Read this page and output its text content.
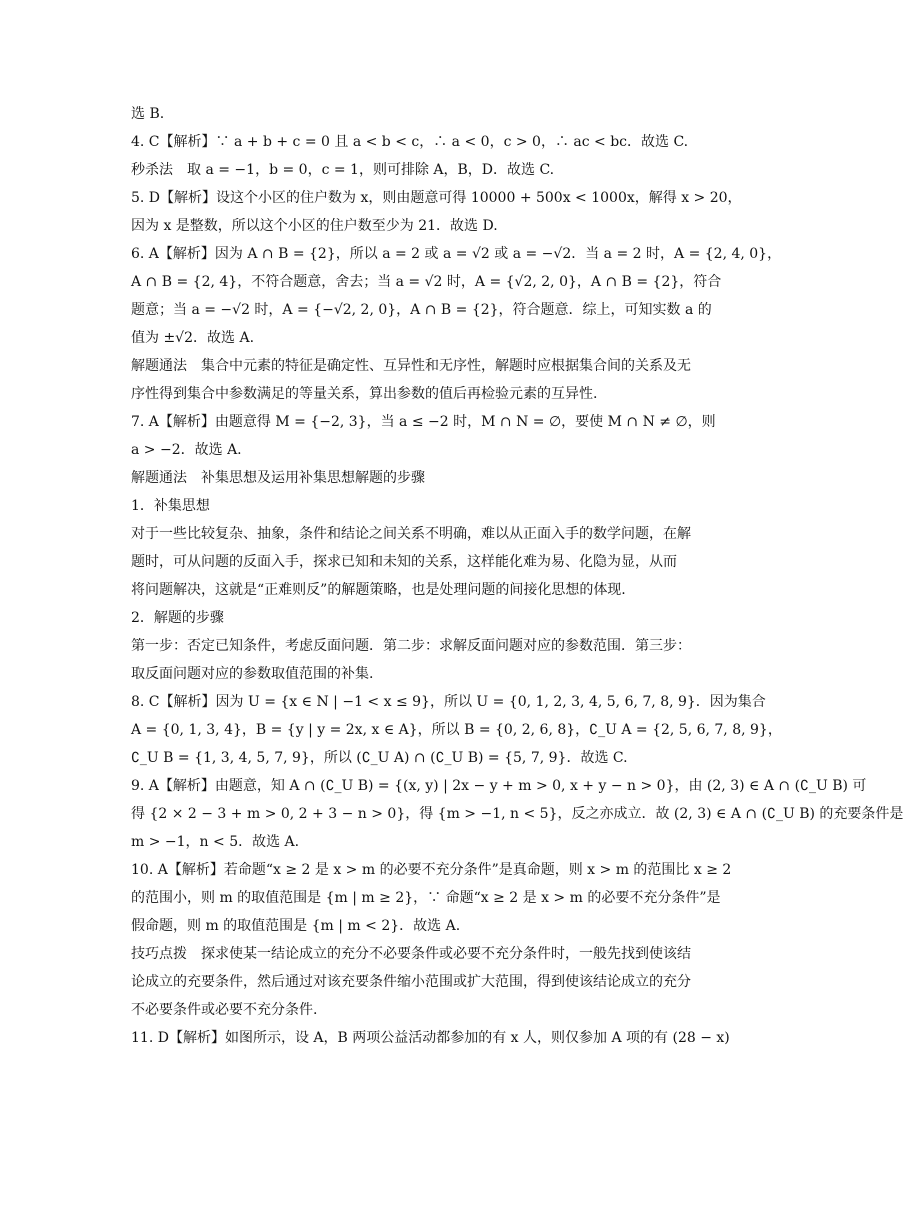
选 B.
4. C【解析】∵ a + b + c = 0 且 a < b < c，∴ a < 0，c > 0，∴ ac < bc．故选 C.
秒杀法　取 a = −1，b = 0，c = 1，则可排除 A，B，D．故选 C.
5. D【解析】设这个小区的住户数为 x，则由题意可得 10000 + 500x < 1000x，解得 x > 20，
因为 x 是整数，所以这个小区的住户数至少为 21．故选 D.
6. A【解析】因为 A ∩ B = {2}，所以 a = 2 或 a = √2 或 a = −√2．当 a = 2 时，A = {2, 4, 0}，
A ∩ B = {2, 4}，不符合题意，舍去；当 a = √2 时，A = {√2, 2, 0}，A ∩ B = {2}，符合
题意；当 a = −√2 时，A = {−√2, 2, 0}，A ∩ B = {2}，符合题意．综上，可知实数 a 的
值为 ±√2．故选 A.
解题通法　集合中元素的特征是确定性、互异性和无序性，解题时应根据集合间的关系及无
序性得到集合中参数满足的等量关系，算出参数的值后再检验元素的互异性.
7. A【解析】由题意得 M = {−2, 3}，当 a ≤ −2 时，M ∩ N = ∅，要使 M ∩ N ≠ ∅，则
a > −2．故选 A.
解题通法　补集思想及运用补集思想解题的步骤
1．补集思想
对于一些比较复杂、抽象，条件和结论之间关系不明确，难以从正面入手的数学问题，在解
题时，可从问题的反面入手，探求已知和未知的关系，这样能化难为易、化隐为显，从而
将问题解决，这就是“正难则反”的解题策略，也是处理问题的间接化思想的体现.
2．解题的步骤
第一步：否定已知条件，考虑反面问题．第二步：求解反面问题对应的参数范围．第三步：
取反面问题对应的参数取值范围的补集.
8. C【解析】因为 U = {x ∈ N | −1 < x ≤ 9}，所以 U = {0, 1, 2, 3, 4, 5, 6, 7, 8, 9}．因为集合
A = {0, 1, 3, 4}，B = {y | y = 2x, x ∈ A}，所以 B = {0, 2, 6, 8}，∁_U A = {2, 5, 6, 7, 8, 9}，
∁_U B = {1, 3, 4, 5, 7, 9}，所以 (∁_U A) ∩ (∁_U B) = {5, 7, 9}．故选 C.
9. A【解析】由题意，知 A ∩ (∁_U B) = {(x, y) | 2x − y + m > 0, x + y − n > 0}，由 (2, 3) ∈ A ∩ (∁_U B) 可
得 {2 × 2 − 3 + m > 0, 2 + 3 − n > 0}，得 {m > −1, n < 5}，反之亦成立．故 (2, 3) ∈ A ∩ (∁_U B) 的充要条件是
m > −1，n < 5．故选 A.
10. A【解析】若命题“x ≥ 2 是 x > m 的必要不充分条件”是真命题，则 x > m 的范围比 x ≥ 2
的范围小，则 m 的取值范围是 {m | m ≥ 2}，∵ 命题“x ≥ 2 是 x > m 的必要不充分条件”是
假命题，则 m 的取值范围是 {m | m < 2}．故选 A.
技巧点拨　探求使某一结论成立的充分不必要条件或必要不充分条件时，一般先找到使该结
论成立的充要条件，然后通过对该充要条件缩小范围或扩大范围，得到使该结论成立的充分
不必要条件或必要不充分条件.
11. D【解析】如图所示，设 A，B 两项公益活动都参加的有 x 人，则仅参加 A 项的有 (28 − x)
